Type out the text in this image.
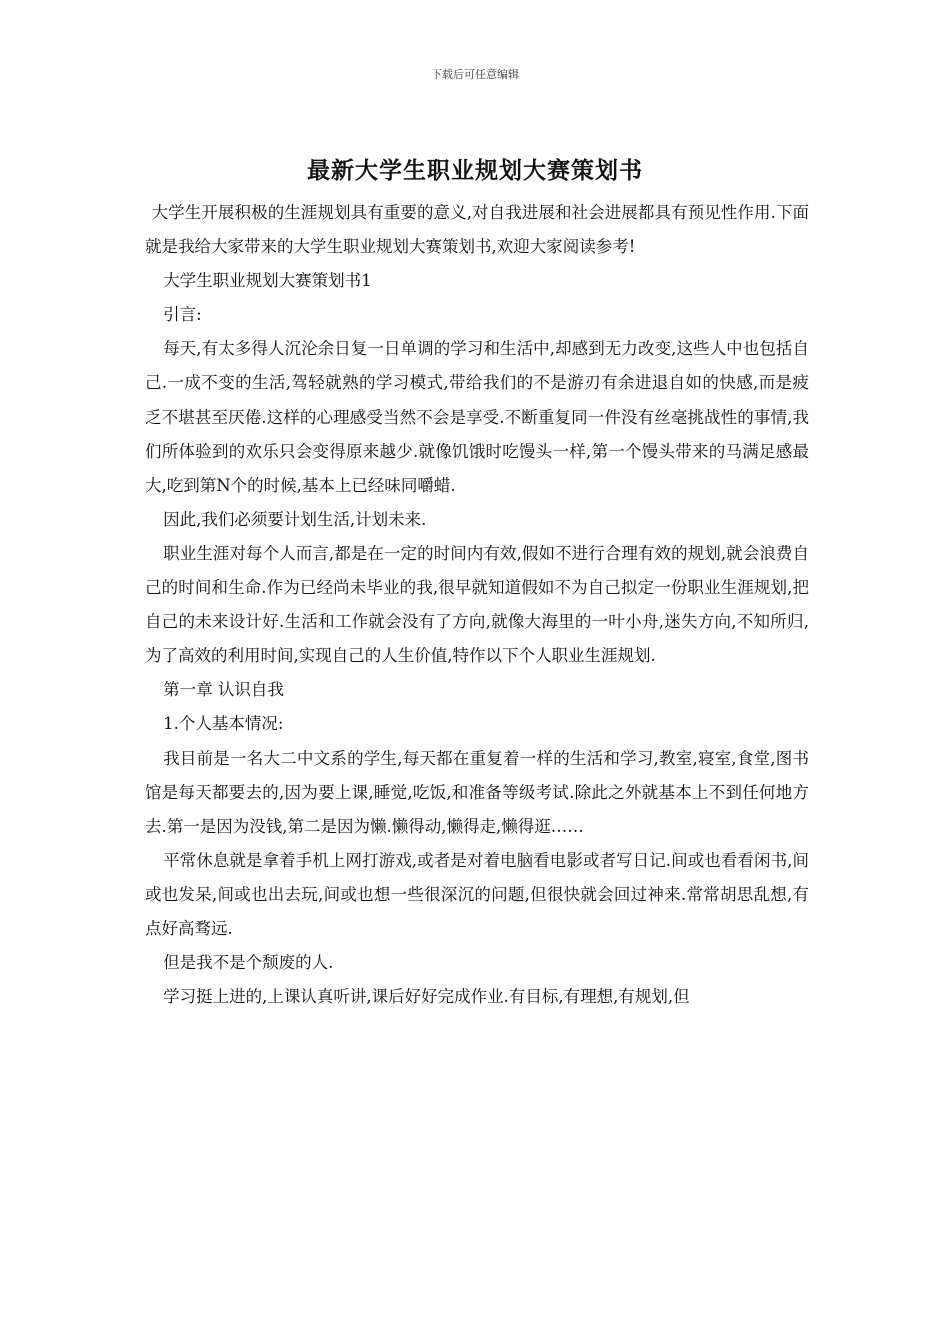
下载后可任意编辑
最新大学生职业规划大赛策划书

大学生开展积极的生涯规划具有重要的意义,对自我进展和社会进展都具有预见性作用.下面就是我给大家带来的大学生职业规划大赛策划书,欢迎大家阅读参考!

大学生职业规划大赛策划书1

引言:

每天,有太多得人沉沦余日复一日单调的学习和生活中,却感到无力改变,这些人中也包括自己.一成不变的生活,驾轻就熟的学习模式,带给我们的不是游刃有余进退自如的快感,而是疲乏不堪甚至厌倦.这样的心理感受当然不会是享受.不断重复同一件没有丝毫挑战性的事情,我们所体验到的欢乐只会变得原来越少.就像饥饿时吃馒头一样,第一个馒头带来的马满足感最大,吃到第N个的时候,基本上已经味同嚼蜡.

因此,我们必须要计划生活,计划未来.

职业生涯对每个人而言,都是在一定的时间内有效,假如不进行合理有效的规划,就会浪费自己的时间和生命.作为已经尚未毕业的我,很早就知道假如不为自己拟定一份职业生涯规划,把自己的未来设计好.生活和工作就会没有了方向,就像大海里的一叶小舟,迷失方向,不知所归,为了高效的利用时间,实现自己的人生价值,特作以下个人职业生涯规划.

第一章 认识自我

1.个人基本情况:

我目前是一名大二中文系的学生,每天都在重复着一样的生活和学习,教室,寝室,食堂,图书馆是每天都要去的,因为要上课,睡觉,吃饭,和准备等级考试.除此之外就基本上不到任何地方去.第一是因为没钱,第二是因为懒.懒得动,懒得走,懒得逛……

平常休息就是拿着手机上网打游戏,或者是对着电脑看电影或者写日记.间或也看看闲书,间或也发呆,间或也出去玩,间或也想一些很深沉的问题,但很快就会回过神来.常常胡思乱想,有点好高骛远.

但是我不是个颓废的人.

学习挺上进的,上课认真听讲,课后好好完成作业.有目标,有理想,有规划,但
